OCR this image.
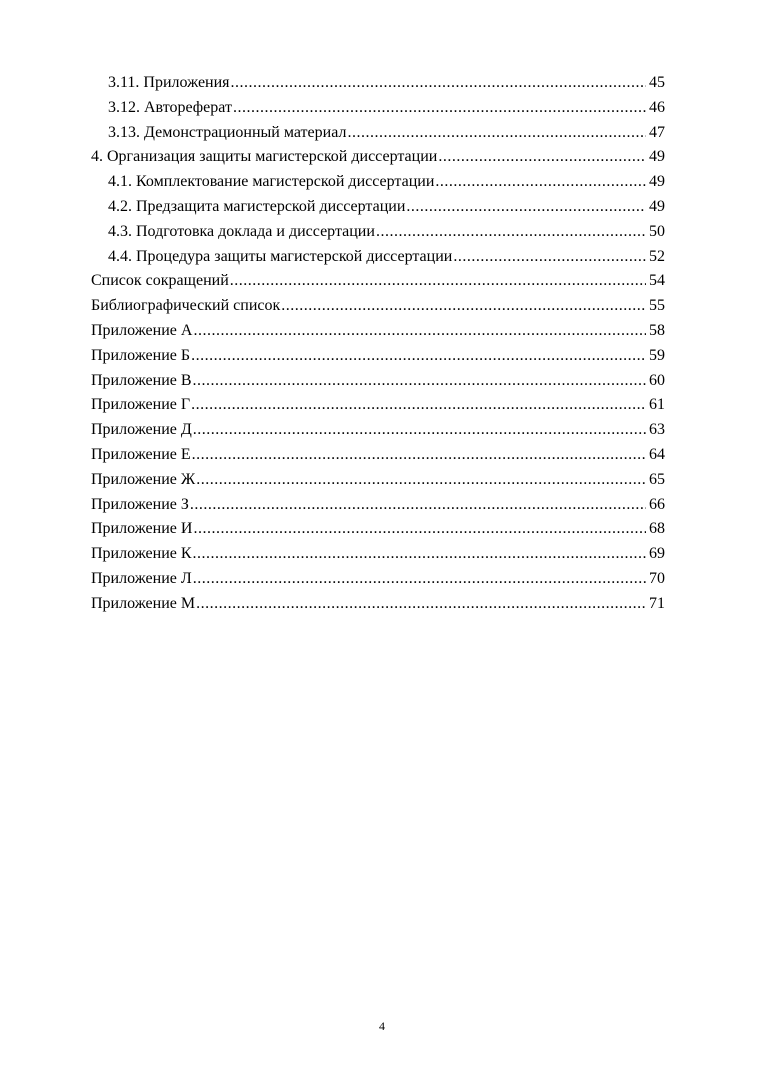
3.11. Приложения .....	45
3.12. Автореферат .....	46
3.13. Демонстрационный материал .....	47
4. Организация защиты магистерской диссертации .....	49
4.1. Комплектование магистерской диссертации .....	49
4.2. Предзащита магистерской диссертации .....	49
4.3. Подготовка доклада и диссертации .....	50
4.4. Процедура защиты магистерской диссертации .....	52
Список сокращений .....	54
Библиографический список .....	55
Приложение А .....	58
Приложение Б .....	59
Приложение В .....	60
Приложение Г .....	61
Приложение Д .....	63
Приложение Е .....	64
Приложение Ж .....	65
Приложение З .....	66
Приложение И .....	68
Приложение К .....	69
Приложение Л .....	70
Приложение М .....	71
4
